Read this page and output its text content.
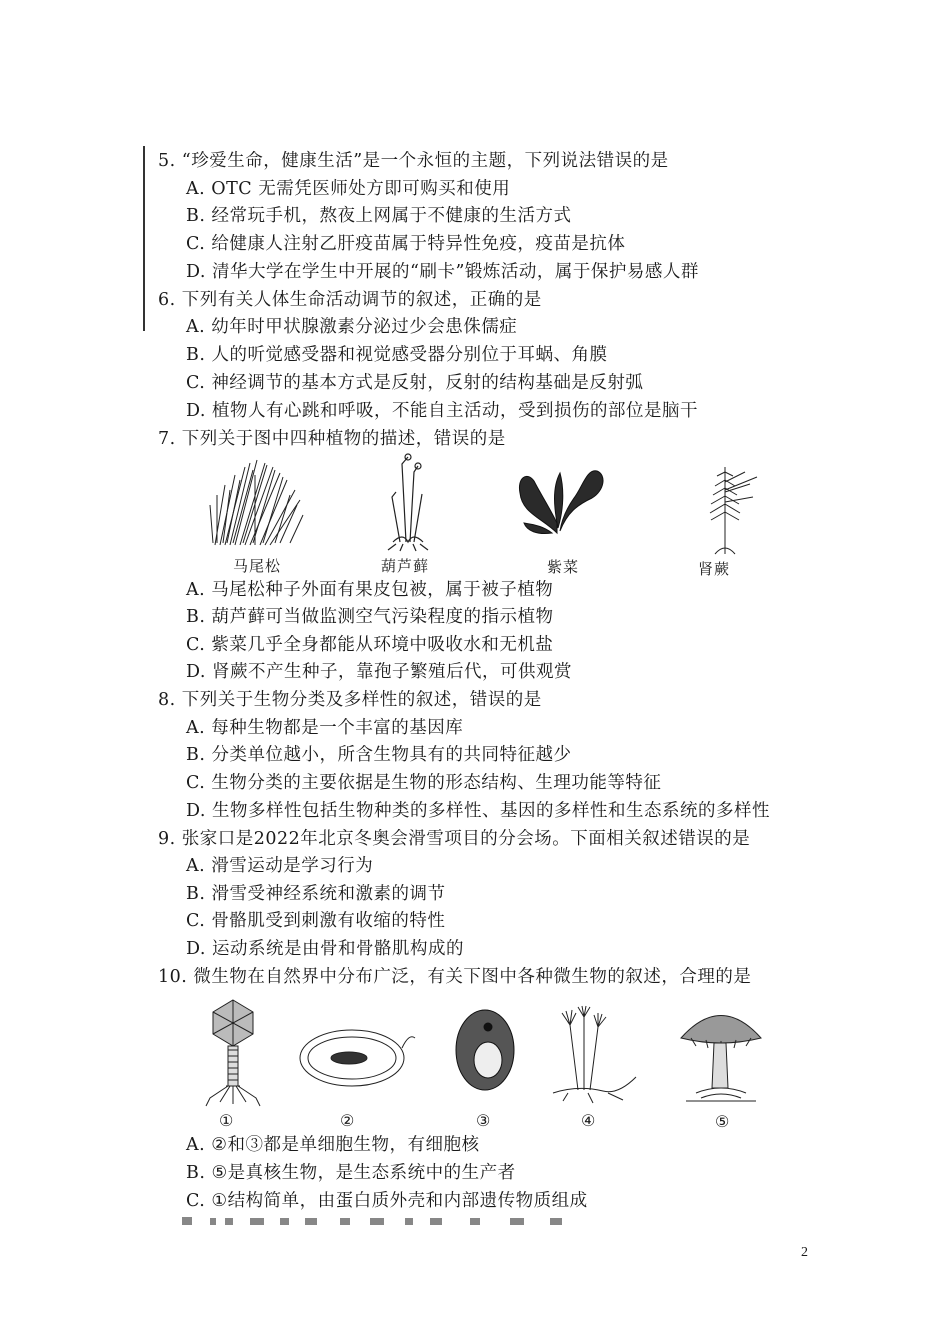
5. “珍爱生命，健康生活”是一个永恒的主题，下列说法错误的是
A. OTC 无需凭医师处方即可购买和使用
B. 经常玩手机，熬夜上网属于不健康的生活方式
C. 给健康人注射乙肝疫苗属于特异性免疫，疫苗是抗体
D. 清华大学在学生中开展的“刷卡”锻炼活动，属于保护易感人群
6. 下列有关人体生命活动调节的叙述，正确的是
A. 幼年时甲状腺激素分泌过少会患侏儒症
B. 人的听觉感受器和视觉感受器分别位于耳蜗、角膜
C. 神经调节的基本方式是反射，反射的结构基础是反射弧
D. 植物人有心跳和呼吸，不能自主活动，受到损伤的部位是脑干
7. 下列关于图中四种植物的描述，错误的是
马尾松	葫芦藓	紫菜	肾蕨
A. 马尾松种子外面有果皮包被，属于被子植物
B. 葫芦藓可当做监测空气污染程度的指示植物
C. 紫菜几乎全身都能从环境中吸收水和无机盐
D. 肾蕨不产生种子，靠孢子繁殖后代，可供观赏
8. 下列关于生物分类及多样性的叙述，错误的是
A. 每种生物都是一个丰富的基因库
B. 分类单位越小，所含生物具有的共同特征越少
C. 生物分类的主要依据是生物的形态结构、生理功能等特征
D. 生物多样性包括生物种类的多样性、基因的多样性和生态系统的多样性
9. 张家口是2022年北京冬奥会滑雪项目的分会场。下面相关叙述错误的是
A. 滑雪运动是学习行为
B. 滑雪受神经系统和激素的调节
C. 骨骼肌受到刺激有收缩的特性
D. 运动系统是由骨和骨骼肌构成的
10. 微生物在自然界中分布广泛，有关下图中各种微生物的叙述，合理的是
①	②	③	④	⑤
A. ②和③都是单细胞生物，有细胞核
B. ⑤是真核生物，是生态系统中的生产者
C. ①结构简单，由蛋白质外壳和内部遗传物质组成
2
